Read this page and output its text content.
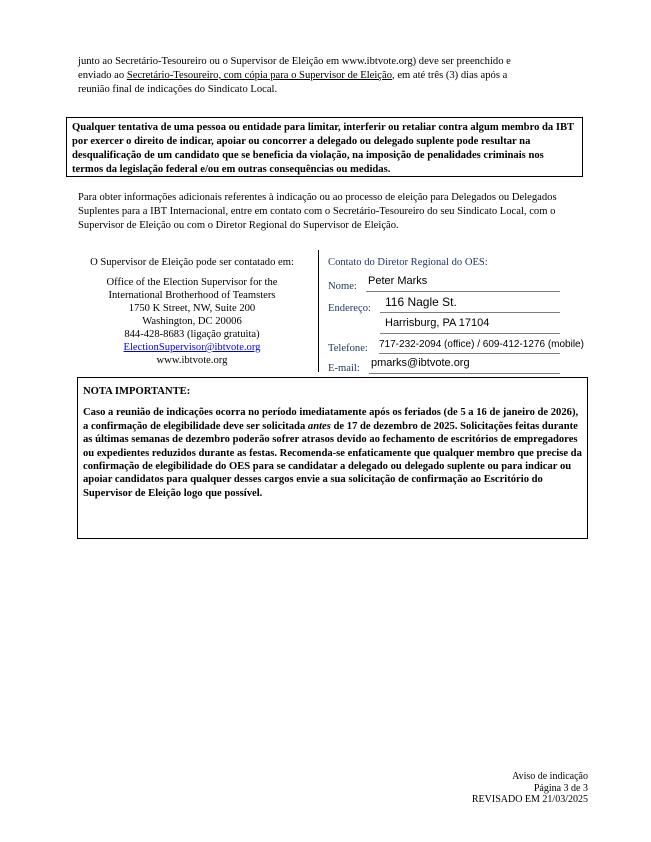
junto ao Secretário-Tesoureiro ou o Supervisor de Eleição em www.ibtvote.org) deve ser preenchido e
enviado ao Secretário-Tesoureiro, com cópia para o Supervisor de Eleição, em até três (3) dias após a
reunião final de indicações do Sindicato Local.
Qualquer tentativa de uma pessoa ou entidade para limitar, interferir ou retaliar contra algum membro da IBT por exercer o direito de indicar, apoiar ou concorrer a delegado ou delegado suplente pode resultar na desqualificação de um candidato que se beneficia da violação, na imposição de penalidades criminais nos termos da legislação federal e/ou em outras consequências ou medidas.
Para obter informações adicionais referentes à indicação ou ao processo de eleição para Delegados ou Delegados Suplentes para a IBT Internacional, entre em contato com o Secretário-Tesoureiro do seu Sindicato Local, com o Supervisor de Eleição ou com o Diretor Regional do Supervisor de Eleição.
O Supervisor de Eleição pode ser contatado em:
Office of the Election Supervisor for the
International Brotherhood of Teamsters
1750 K Street, NW, Suite 200
Washington, DC 20006
844-428-8683 (ligação gratuita)
ElectionSupervisor@ibtvote.org
www.ibtvote.org
Contato do Diretor Regional do OES:
Nome: Peter Marks
Endereço: 116 Nagle St.
Harrisburg, PA 17104
Telefone: 717-232-2094 (office) / 609-412-1276 (mobile)
E-mail: pmarks@ibtvote.org
NOTA IMPORTANTE:
Caso a reunião de indicações ocorra no período imediatamente após os feriados (de 5 a 16 de janeiro de 2026), a confirmação de elegibilidade deve ser solicitada antes de 17 de dezembro de 2025. Solicitações feitas durante as últimas semanas de dezembro poderão sofrer atrasos devido ao fechamento de escritórios de empregadores ou expedientes reduzidos durante as festas. Recomenda-se enfaticamente que qualquer membro que precise da confirmação de elegibilidade do OES para se candidatar a delegado ou delegado suplente ou para indicar ou apoiar candidatos para qualquer desses cargos envie a sua solicitação de confirmação ao Escritório do Supervisor de Eleição logo que possível.
Aviso de indicação
Página 3 de 3
REVISADO EM 21/03/2025
